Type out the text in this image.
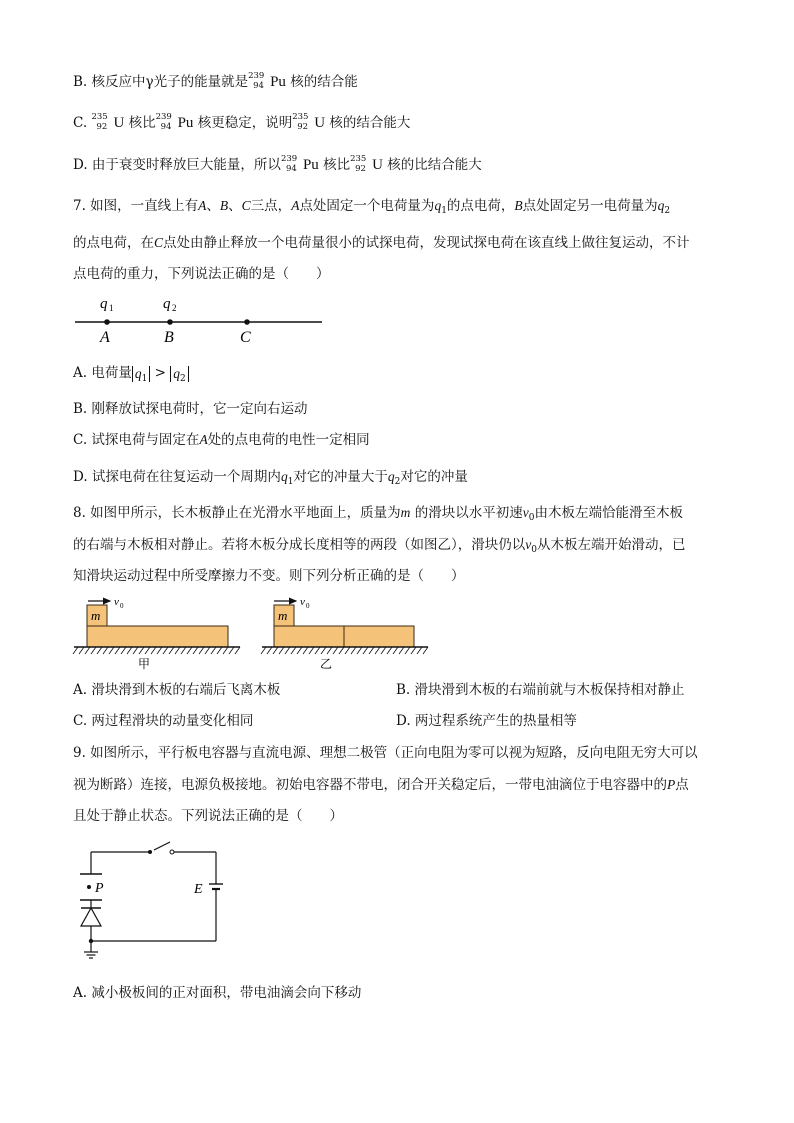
B. 核反应中γ光子的能量就是 239
94 Pu 核的结合能
C. 235
92 U 核比 239
94 Pu 核更稳定，说明 235
92 U 核的结合能大
D. 由于衰变时释放巨大能量，所以 239
94 Pu 核比 235
92 U 核的比结合能大
7. 如图，一直线上有A、B、C三点，A点处固定一个电荷量为$q_1$的点电荷，B点处固定另一电荷量为$q_2$
的点电荷，在C点处由静止释放一个电荷量很小的试探电荷，发现试探电荷在该直线上做往复运动，不计
点电荷的重力，下列说法正确的是（　　）
q 1	q 2
A	B	C
A. 电荷量 $q_1 > q_2$
B. 刚释放试探电荷时，它一定向右运动
C. 试探电荷与固定在A处的点电荷的电性一定相同
D. 试探电荷在往复运动一个周期内$q_1$对它的冲量大于$q_2$对它的冲量
8. 如图甲所示，长木板静止在光滑水平地面上，质量为m 的滑块以水平初速$v_0$由木板左端恰能滑至木板
的右端与木板相对静止。若将木板分成长度相等的两段（如图乙），滑块仍以$v_0$从木板左端开始滑动，已
知滑块运动过程中所受摩擦力不变。则下列分析正确的是（　　）
v 0
m
甲
v 0
m
乙
A. 滑块滑到木板的右端后飞离木板	B. 滑块滑到木板的右端前就与木板保持相对静止
C. 两过程滑块的动量变化相同	D. 两过程系统产生的热量相等
9. 如图所示，平行板电容器与直流电源、理想二极管（正向电阻为零可以视为短路，反向电阻无穷大可以
视为断路）连接，电源负极接地。初始电容器不带电，闭合开关稳定后，一带电油滴位于电容器中的P点
且处于静止状态。下列说法正确的是（　　）
P	E
A. 减小极板间的正对面积，带电油滴会向下移动
